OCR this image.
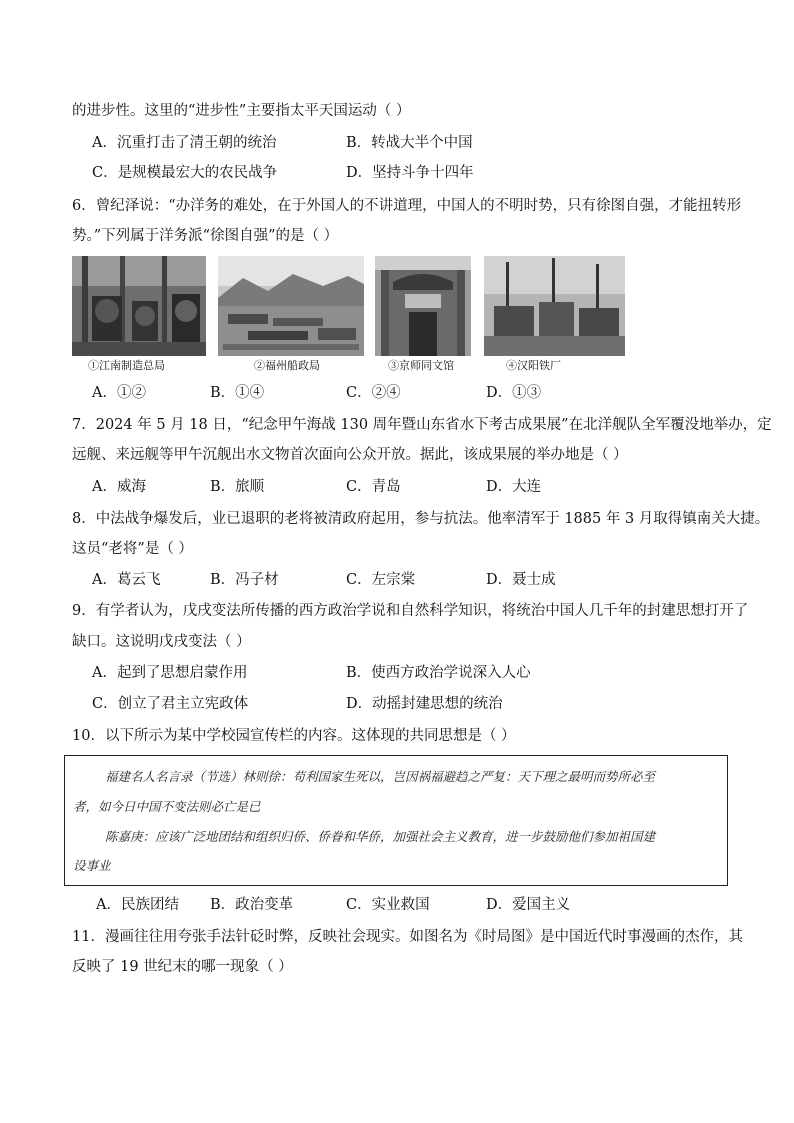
的进步性。这里的“进步性”主要指太平天国运动（ ）
A．沉重打击了清王朝的统治	B．转战大半个中国
C．是规模最宏大的农民战争	D．坚持斗争十四年
6．曾纪泽说：“办洋务的难处，在于外国人的不讲道理，中国人的不明时势，只有徐图自强，才能扭转形
势。”下列属于洋务派“徐图自强”的是（ ）
①江南制造总局	②福州船政局	③京师同文馆	④汉阳铁厂
A．①②	B．①④	C．②④	D．①③
7．2024 年 5 月 18 日，“纪念甲午海战 130 周年暨山东省水下考古成果展”在北洋舰队全军覆没地举办，定
远舰、来远舰等甲午沉舰出水文物首次面向公众开放。据此，该成果展的举办地是（ ）
A．威海	B．旅顺	C．青岛	D．大连
8．中法战争爆发后，业已退职的老将被清政府起用，参与抗法。他率清军于 1885 年 3 月取得镇南关大捷。
这员“老将”是（ ）
A．葛云飞	B．冯子材	C．左宗棠	D．聂士成
9．有学者认为，戊戌变法所传播的西方政治学说和自然科学知识，将统治中国人几千年的封建思想打开了
缺口。这说明戊戌变法（ ）
A．起到了思想启蒙作用	B．使西方政治学说深入人心
C．创立了君主立宪政体	D．动摇封建思想的统治
10．以下所示为某中学校园宣传栏的内容。这体现的共同思想是（ ）
福建名人名言录（节选）林则徐：苟利国家生死以，岂因祸福避趋之严复：天下理之最明而势所必至
者，如今日中国不变法则必亡是已
陈嘉庚：应该广泛地团结和组织归侨、侨眷和华侨，加强社会主义教育，进一步鼓励他们参加祖国建
设事业
A．民族团结 B．政治变革	C．实业救国	D．爱国主义
11．漫画往往用夸张手法针砭时弊，反映社会现实。如图名为《时局图》是中国近代时事漫画的杰作，其
反映了 19 世纪末的哪一现象（ ）
